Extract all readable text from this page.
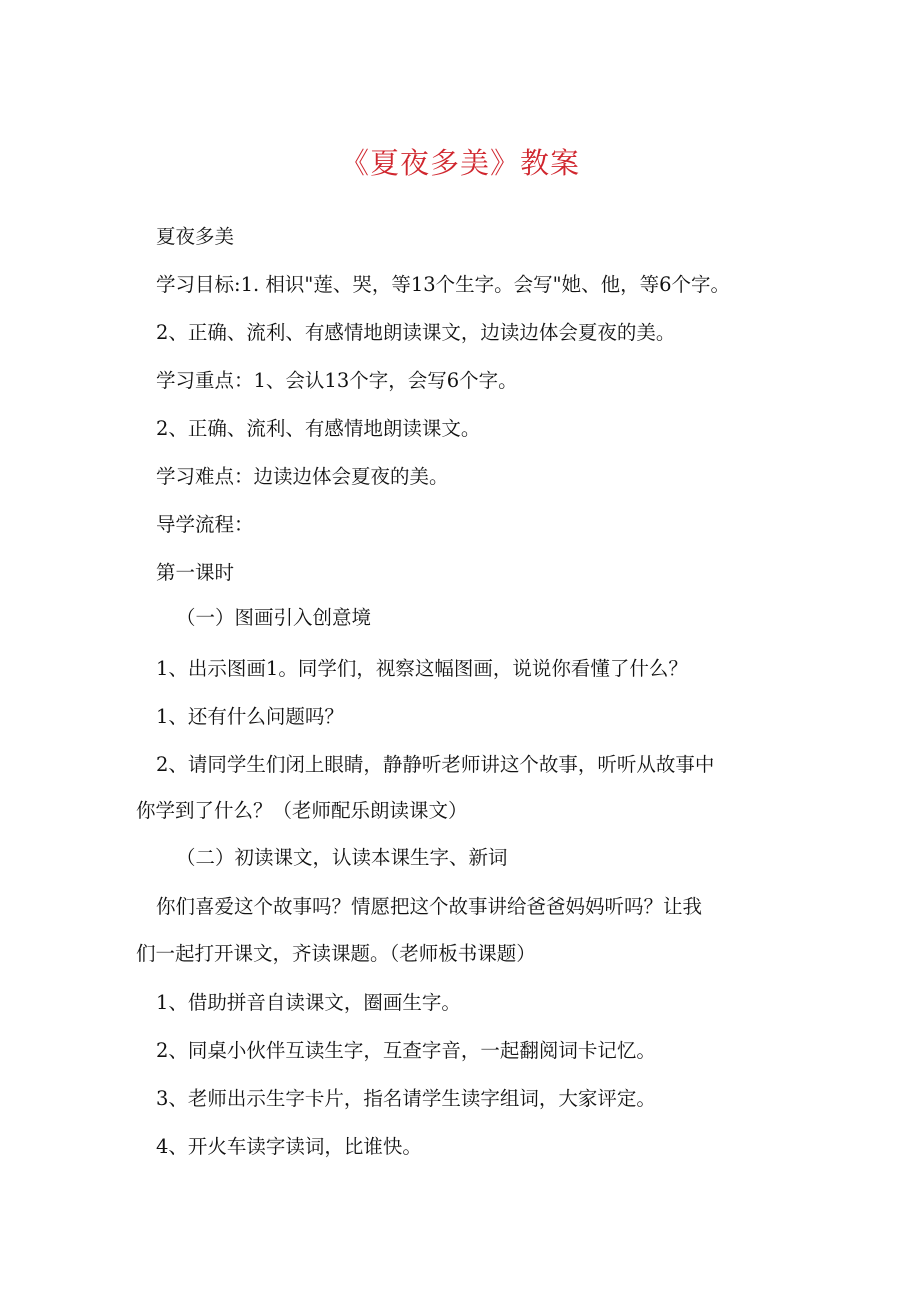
《夏夜多美》教案
夏夜多美
学习目标:1. 相识"莲、哭，等13个生字。会写"她、他，等6个字。
2、正确、流利、有感情地朗读课文，边读边体会夏夜的美。
学习重点：1、会认13个字，会写6个字。
2、正确、流利、有感情地朗读课文。
学习难点：边读边体会夏夜的美。
导学流程：
第一课时
（一）图画引入创意境
1、出示图画1。同学们，视察这幅图画，说说你看懂了什么？
1、还有什么问题吗？
2、请同学生们闭上眼睛，静静听老师讲这个故事，听听从故事中
你学到了什么？（老师配乐朗读课文）
（二）初读课文，认读本课生字、新词
你们喜爱这个故事吗？情愿把这个故事讲给爸爸妈妈听吗？让我
们一起打开课文，齐读课题。（老师板书课题）
1、借助拼音自读课文，圈画生字。
2、同桌小伙伴互读生字，互查字音，一起翻阅词卡记忆。
3、老师出示生字卡片，指名请学生读字组词，大家评定。
4、开火车读字读词，比谁快。
